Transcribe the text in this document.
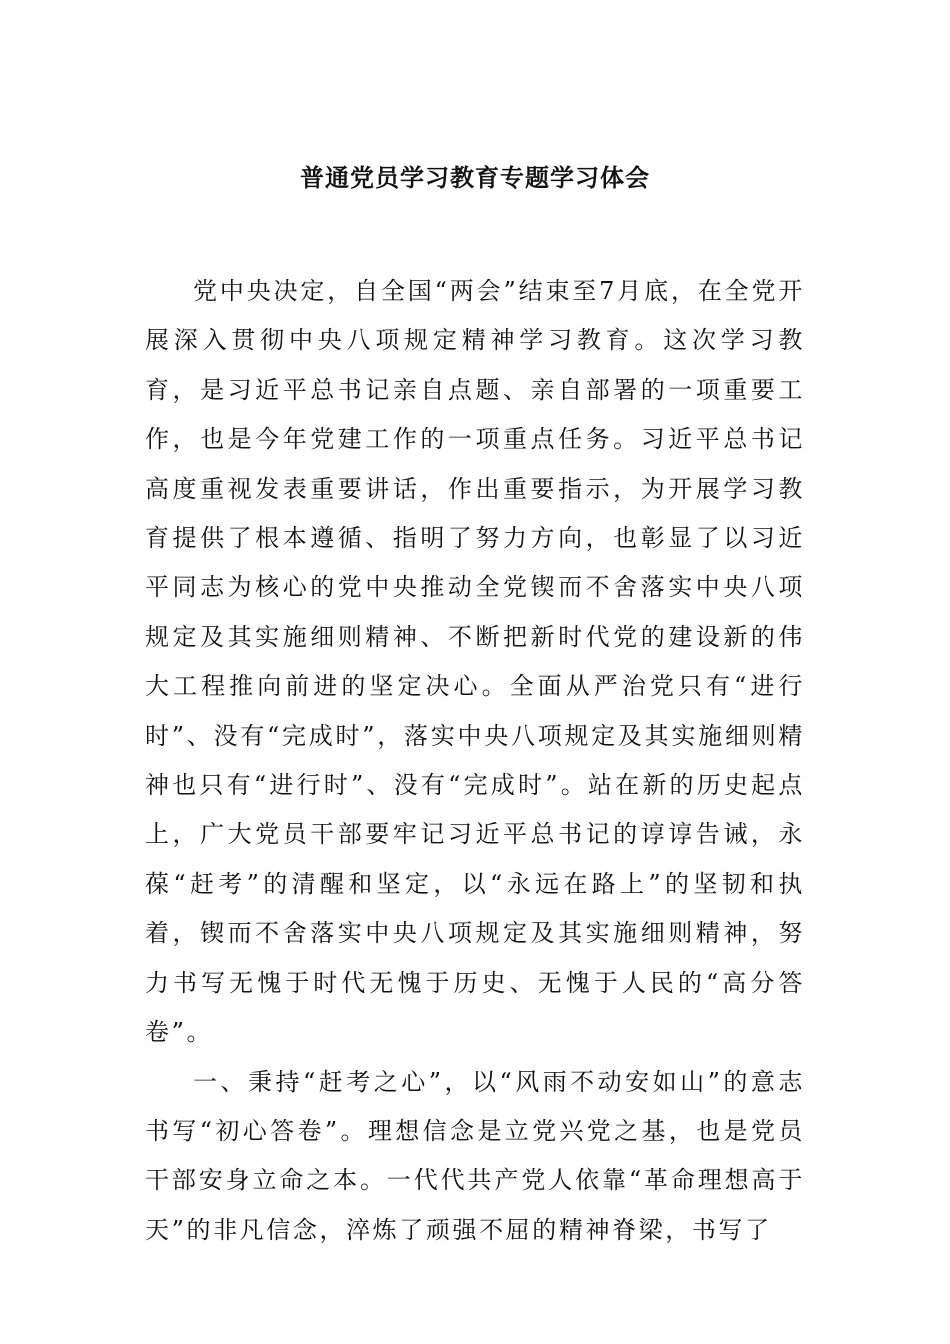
普通党员学习教育专题学习体会

党中央决定，自全国“两会”结束至7月底，在全党开展深入贯彻中央八项规定精神学习教育。这次学习教育，是习近平总书记亲自点题、亲自部署的一项重要工作，也是今年党建工作的一项重点任务。习近平总书记高度重视发表重要讲话，作出重要指示，为开展学习教育提供了根本遵循、指明了努力方向，也彰显了以习近平同志为核心的党中央推动全党锲而不舍落实中央八项规定及其实施细则精神、不断把新时代党的建设新的伟大工程推向前进的坚定决心。全面从严治党只有“进行时”、没有“完成时”，落实中央八项规定及其实施细则精神也只有“进行时”、没有“完成时”。站在新的历史起点上，广大党员干部要牢记习近平总书记的谆谆告诫，永葆“赶考”的清醒和坚定，以“永远在路上”的坚韧和执着，锲而不舍落实中央八项规定及其实施细则精神，努力书写无愧于时代无愧于历史、无愧于人民的“高分答卷”。

一、秉持“赶考之心”，以“风雨不动安如山”的意志书写“初心答卷”。理想信念是立党兴党之基，也是党员干部安身立命之本。一代代共产党人依靠“革命理想高于天”的非凡信念，淬炼了顽强不屈的精神脊梁，书写了
